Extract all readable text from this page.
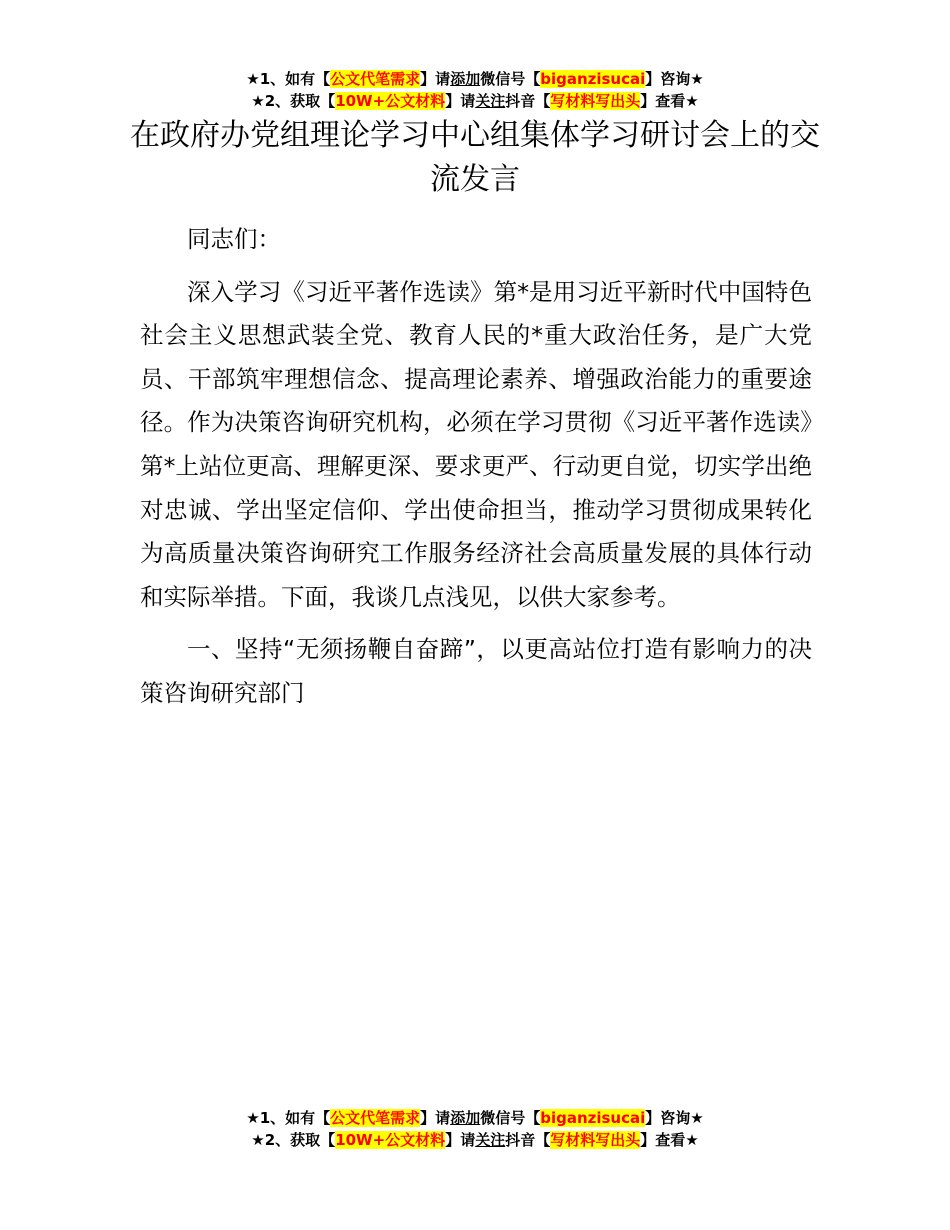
★1、如有【公文代笔需求】请添加微信号【biganzisucai】咨询★
★2、获取【10W+公文材料】请关注抖音【写材料写出头】查看★
在政府办党组理论学习中心组集体学习研讨会上的交流发言

同志们：

深入学习《习近平著作选读》第*是用习近平新时代中国特色社会主义思想武装全党、教育人民的*重大政治任务，是广大党员、干部筑牢理想信念、提高理论素养、增强政治能力的重要途径。作为决策咨询研究机构，必须在学习贯彻《习近平著作选读》第*上站位更高、理解更深、要求更严、行动更自觉，切实学出绝对忠诚、学出坚定信仰、学出使命担当，推动学习贯彻成果转化为高质量决策咨询研究工作服务经济社会高质量发展的具体行动和实际举措。下面，我谈几点浅见，以供大家参考。

一、坚持“无须扬鞭自奋蹄”，以更高站位打造有影响力的决策咨询研究部门

★1、如有【公文代笔需求】请添加微信号【biganzisucai】咨询★
★2、获取【10W+公文材料】请关注抖音【写材料写出头】查看★
